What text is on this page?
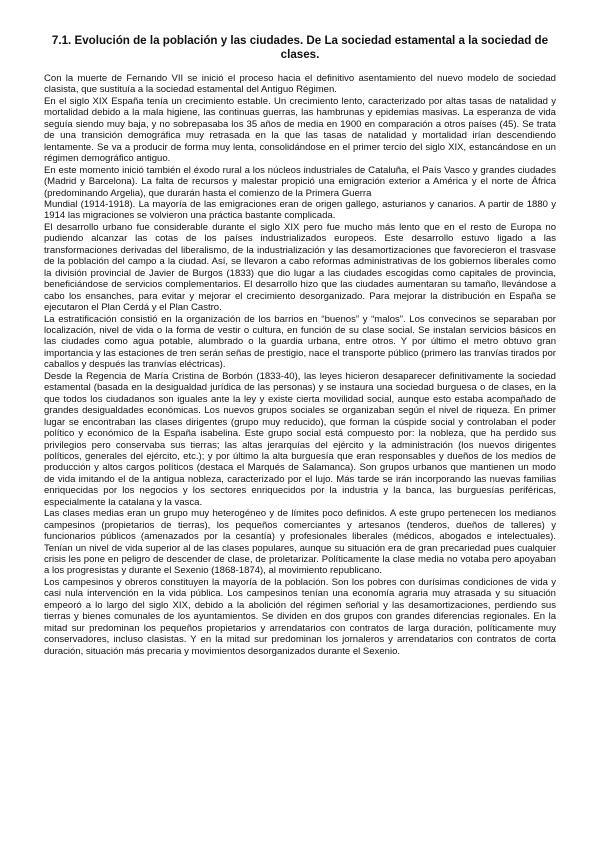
7.1. Evolución de la población y las ciudades. De La sociedad estamental a la sociedad de clases.

Con la muerte de Fernando VII se inició el proceso hacia el definitivo asentamiento del nuevo modelo de sociedad clasista, que sustituía a la sociedad estamental del Antiguo Régimen.

En el siglo XIX España tenía un crecimiento estable. Un crecimiento lento, caracterizado por altas tasas de natalidad y mortalidad debido a la mala higiene, las continuas guerras, las hambrunas y epidemias masivas. La esperanza de vida seguía siendo muy baja, y no sobrepasaba los 35 años de media en 1900 en comparación a otros países (45). Se trata de una transición demográfica muy retrasada en la que las tasas de natalidad y mortalidad irían descendiendo lentamente. Se va a producir de forma muy lenta, consolidándose en el primer tercio del siglo XIX, estancándose en un régimen demográfico antiguo.

En este momento inició también el éxodo rural a los núcleos industriales de Cataluña, el País Vasco y grandes ciudades (Madrid y Barcelona). La falta de recursos y malestar propició una emigración exterior a América y el norte de África (predominando Argelia), que durarán hasta el comienzo de la Primera Guerra

Mundial (1914-1918). La mayoría de las emigraciones eran de origen gallego, asturianos y canarios. A partir de 1880 y 1914 las migraciones se volvieron una práctica bastante complicada.

El desarrollo urbano fue considerable durante el siglo XIX pero fue mucho más lento que en el resto de Europa no pudiendo alcanzar las cotas de los países industrializados europeos. Este desarrollo estuvo ligado a las transformaciones derivadas del liberalismo, de la industrialización y las desamortizaciones que favorecieron el trasvase de la población del campo a la ciudad. Así, se llevaron a cabo reformas administrativas de los gobiernos liberales como la división provincial de Javier de Burgos (1833) que dio lugar a las ciudades escogidas como capitales de provincia, beneficiándose de servicios complementarios. El desarrollo hizo que las ciudades aumentaran su tamaño, llevándose a cabo los ensanches, para evitar y mejorar el crecimiento desorganizado. Para mejorar la distribución en España se ejecutaron el Plan Cerdá y el Plan Castro.

La estratificación consistió en la organización de los barrios en “buenos” y “malos”. Los convecinos se separaban por localización, nivel de vida o la forma de vestir o cultura, en función de su clase social. Se instalan servicios básicos en las ciudades como agua potable, alumbrado o la guardia urbana, entre otros. Y por último el metro obtuvo gran importancia y las estaciones de tren serán señas de prestigio, nace el transporte público (primero las tranvías tirados por caballos y después las tranvías eléctricas).

Desde la Regencia de María Cristina de Borbón (1833-40), las leyes hicieron desaparecer definitivamente la sociedad estamental (basada en la desigualdad jurídica de las personas) y se instaura una sociedad burguesa o de clases, en la que todos los ciudadanos son iguales ante la ley y existe cierta movilidad social, aunque esto estaba acompañado de grandes desigualdades económicas. Los nuevos grupos sociales se organizaban según el nivel de riqueza. En primer lugar se encontraban las clases dirigentes (grupo muy reducido), que forman la cúspide social y controlaban el poder político y económico de la España isabelina. Este grupo social está compuesto por: la nobleza, que ha perdido sus privilegios pero conservaba sus tierras; las altas jerarquías del ejército y la administración (los nuevos dirigentes políticos, generales del ejército, etc.); y por último la alta burguesía que eran responsables y dueños de los medios de producción y altos cargos políticos (destaca el Marqués de Salamanca). Son grupos urbanos que mantienen un modo de vida imitando el de la antigua nobleza, caracterizado por el lujo. Más tarde se irán incorporando las nuevas familias enriquecidas por los negocios y los sectores enriquecidos por la industria y la banca, las burguesías periféricas, especialmente la catalana y la vasca.

Las clases medias eran un grupo muy heterogéneo y de límites poco definidos. A este grupo pertenecen los medianos campesinos (propietarios de tierras), los pequeños comerciantes y artesanos (tenderos, dueños de talleres) y funcionarios públicos (amenazados por la cesantía) y profesionales liberales (médicos, abogados e intelectuales). Tenían un nivel de vida superior al de las clases populares, aunque su situación era de gran precariedad pues cualquier crisis les pone en peligro de descender de clase, de proletarizar. Políticamente la clase media no votaba pero apoyaban a los progresistas y durante el Sexenio (1868-1874), al movimiento republicano.

Los campesinos y obreros constituyen la mayoría de la población. Son los pobres con durísimas condiciones de vida y casi nula intervención en la vida pública. Los campesinos tenían una economía agraria muy atrasada y su situación empeoró a lo largo del siglo XIX, debido a la abolición del régimen señorial y las desamortizaciones, perdiendo sus tierras y bienes comunales de los ayuntamientos. Se dividen en dos grupos con grandes diferencias regionales. En la mitad sur predominan los pequeños propietarios y arrendatarios con contratos de larga duración, políticamente muy conservadores, incluso clasistas. Y en la mitad sur predominan los jornaleros y arrendatarios con contratos de corta duración, situación más precaria y movimientos desorganizados durante el Sexenio.
